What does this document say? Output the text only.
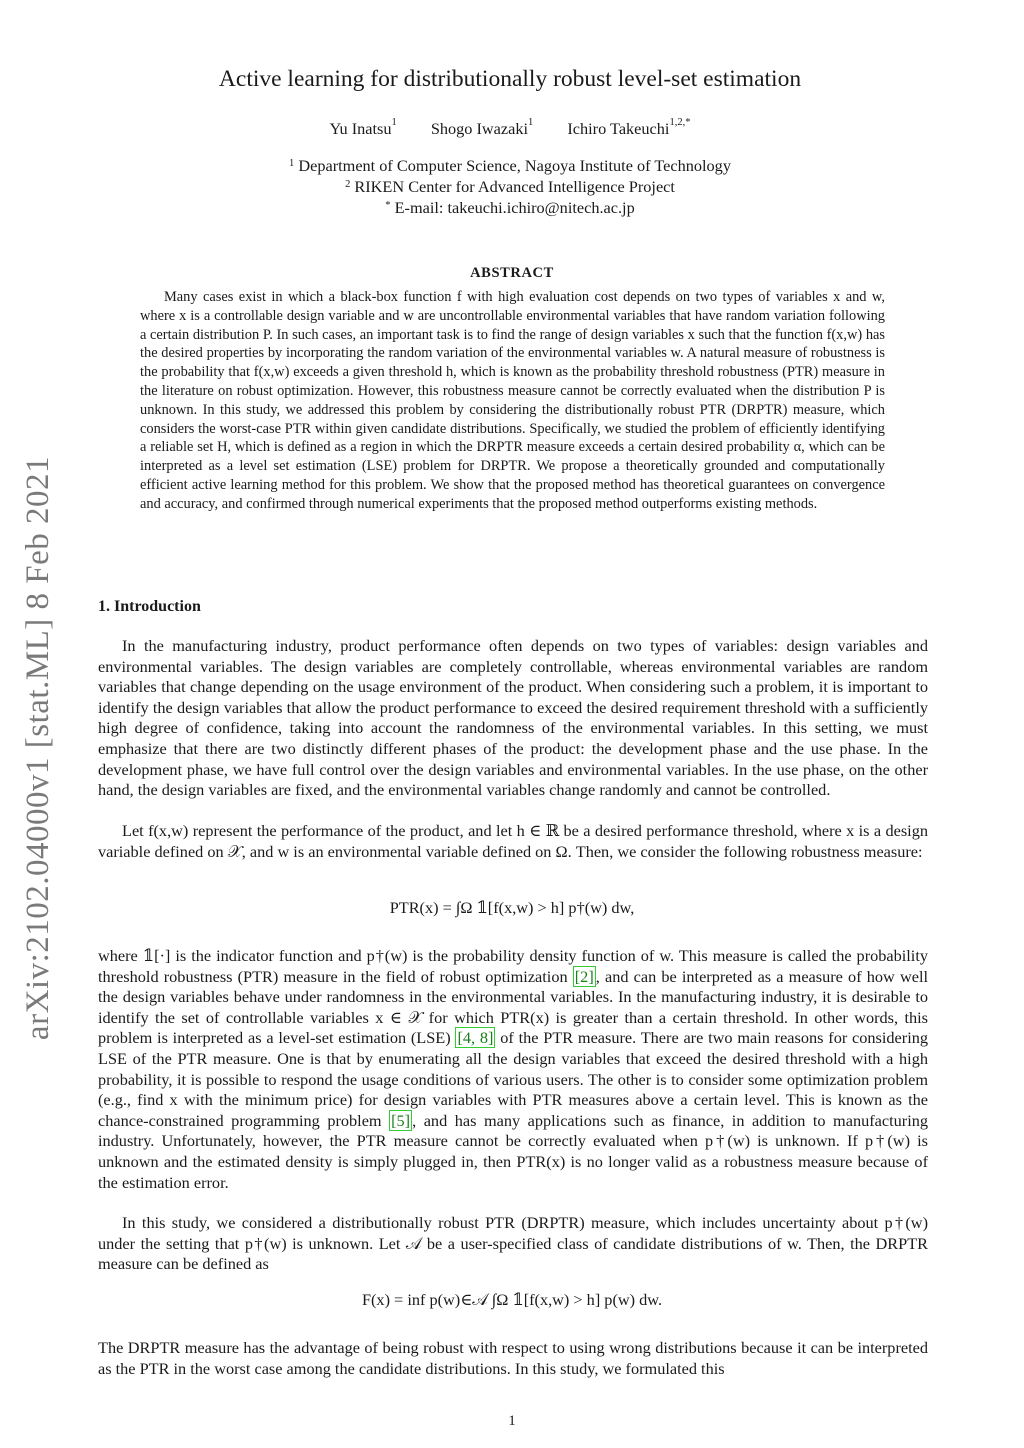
arXiv:2102.04000v1 [stat.ML] 8 Feb 2021
Active learning for distributionally robust level-set estimation
Yu Inatsu$^1$ Shogo Iwazaki$^1$ Ichiro Takeuchi$^{1,2,*}$
$^1$ Department of Computer Science, Nagoya Institute of Technology
$^2$ RIKEN Center for Advanced Intelligence Project
* E-mail: takeuchi.ichiro@nitech.ac.jp
ABSTRACT
Many cases exist in which a black-box function f with high evaluation cost depends on two types of variables x and w, where x is a controllable design variable and w are uncontrollable environmental variables that have random variation following a certain distribution P. In such cases, an important task is to find the range of design variables x such that the function f(x,w) has the desired properties by incorporating the random variation of the environmental variables w. A natural measure of robustness is the probability that f(x,w) exceeds a given threshold h, which is known as the probability threshold robustness (PTR) measure in the literature on robust optimization. However, this robustness measure cannot be correctly evaluated when the distribution P is unknown. In this study, we addressed this problem by considering the distributionally robust PTR (DRPTR) measure, which considers the worst-case PTR within given candidate distributions. Specifically, we studied the problem of efficiently identifying a reliable set H, which is defined as a region in which the DRPTR measure exceeds a certain desired probability α, which can be interpreted as a level set estimation (LSE) problem for DRPTR. We propose a theoretically grounded and computationally efficient active learning method for this problem. We show that the proposed method has theoretical guarantees on convergence and accuracy, and confirmed through numerical experiments that the proposed method outperforms existing methods.
1. Introduction
In the manufacturing industry, product performance often depends on two types of variables: design variables and environmental variables. The design variables are completely controllable, whereas environmental variables are random variables that change depending on the usage environment of the product. When considering such a problem, it is important to identify the design variables that allow the product performance to exceed the desired requirement threshold with a sufficiently high degree of confidence, taking into account the randomness of the environmental variables. In this setting, we must emphasize that there are two distinctly different phases of the product: the development phase and the use phase. In the development phase, we have full control over the design variables and environmental variables. In the use phase, on the other hand, the design variables are fixed, and the environmental variables change randomly and cannot be controlled.
Let f(x,w) represent the performance of the product, and let h ∈ ℝ be a desired performance threshold, where x is a design variable defined on 𝒳, and w is an environmental variable defined on Ω. Then, we consider the following robustness measure:
PTR(x) = ∫Ω 𝟙[f(x,w) > h] p†(w) dw,
where 𝟙[·] is the indicator function and p†(w) is the probability density function of w. This measure is called the probability threshold robustness (PTR) measure in the field of robust optimization [2] , and can be interpreted as a measure of how well the design variables behave under randomness in the environmental variables. In the manufacturing industry, it is desirable to identify the set of controllable variables x ∈ 𝒳 for which PTR(x) is greater than a certain threshold. In other words, this problem is interpreted as a level-set estimation (LSE) [4, 8] of the PTR measure. There are two main reasons for considering LSE of the PTR measure. One is that by enumerating all the design variables that exceed the desired threshold with a high probability, it is possible to respond the usage conditions of various users. The other is to consider some optimization problem (e.g., find x with the minimum price) for design variables with PTR measures above a certain level. This is known as the chance-constrained programming problem [5] , and has many applications such as finance, in addition to manufacturing industry. Unfortunately, however, the PTR measure cannot be correctly evaluated when p†(w) is unknown. If p†(w) is unknown and the estimated density is simply plugged in, then PTR(x) is no longer valid as a robustness measure because of the estimation error.
In this study, we considered a distributionally robust PTR (DRPTR) measure, which includes uncertainty about p†(w) under the setting that p†(w) is unknown. Let 𝒜 be a user-specified class of candidate distributions of w. Then, the DRPTR measure can be defined as
F(x) = inf p(w)∈𝒜 ∫Ω 𝟙[f(x,w) > h] p(w) dw.
The DRPTR measure has the advantage of being robust with respect to using wrong distributions because it can be interpreted as the PTR in the worst case among the candidate distributions. In this study, we formulated this
1
